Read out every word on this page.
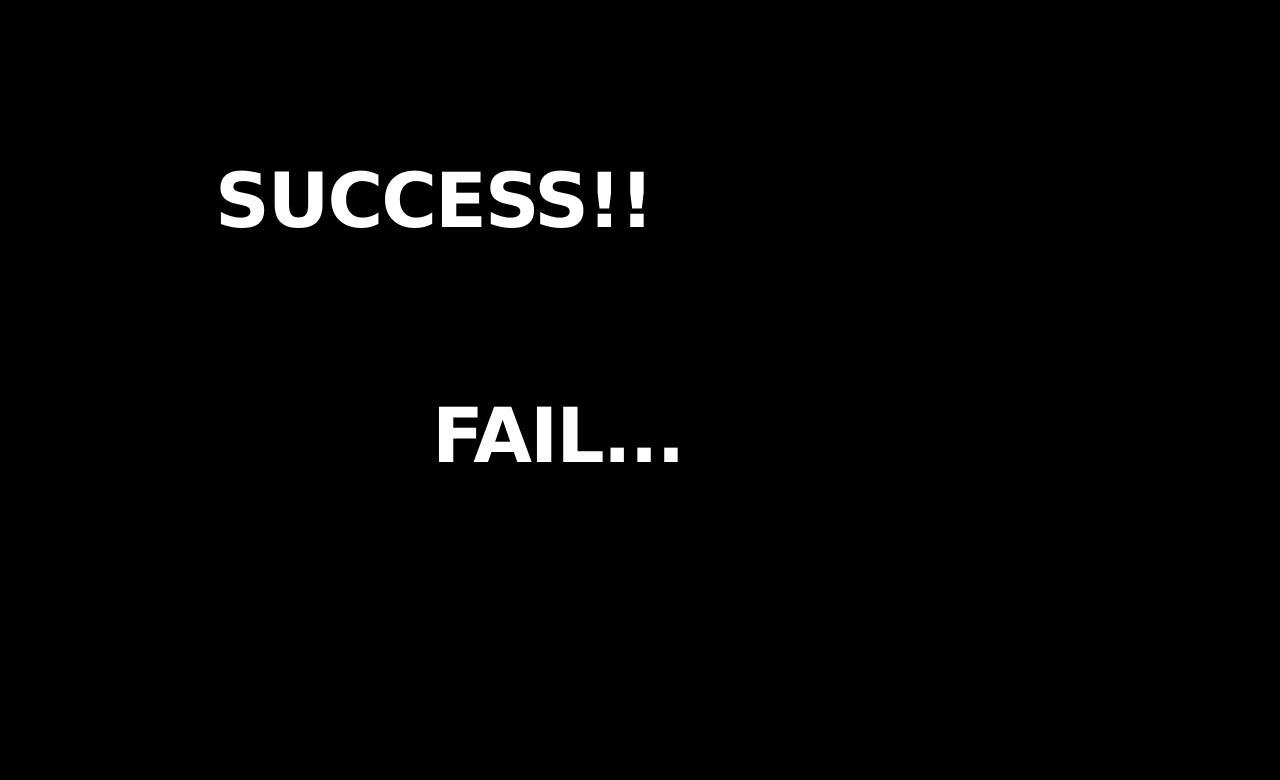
SUCCESS!!
FAIL...
